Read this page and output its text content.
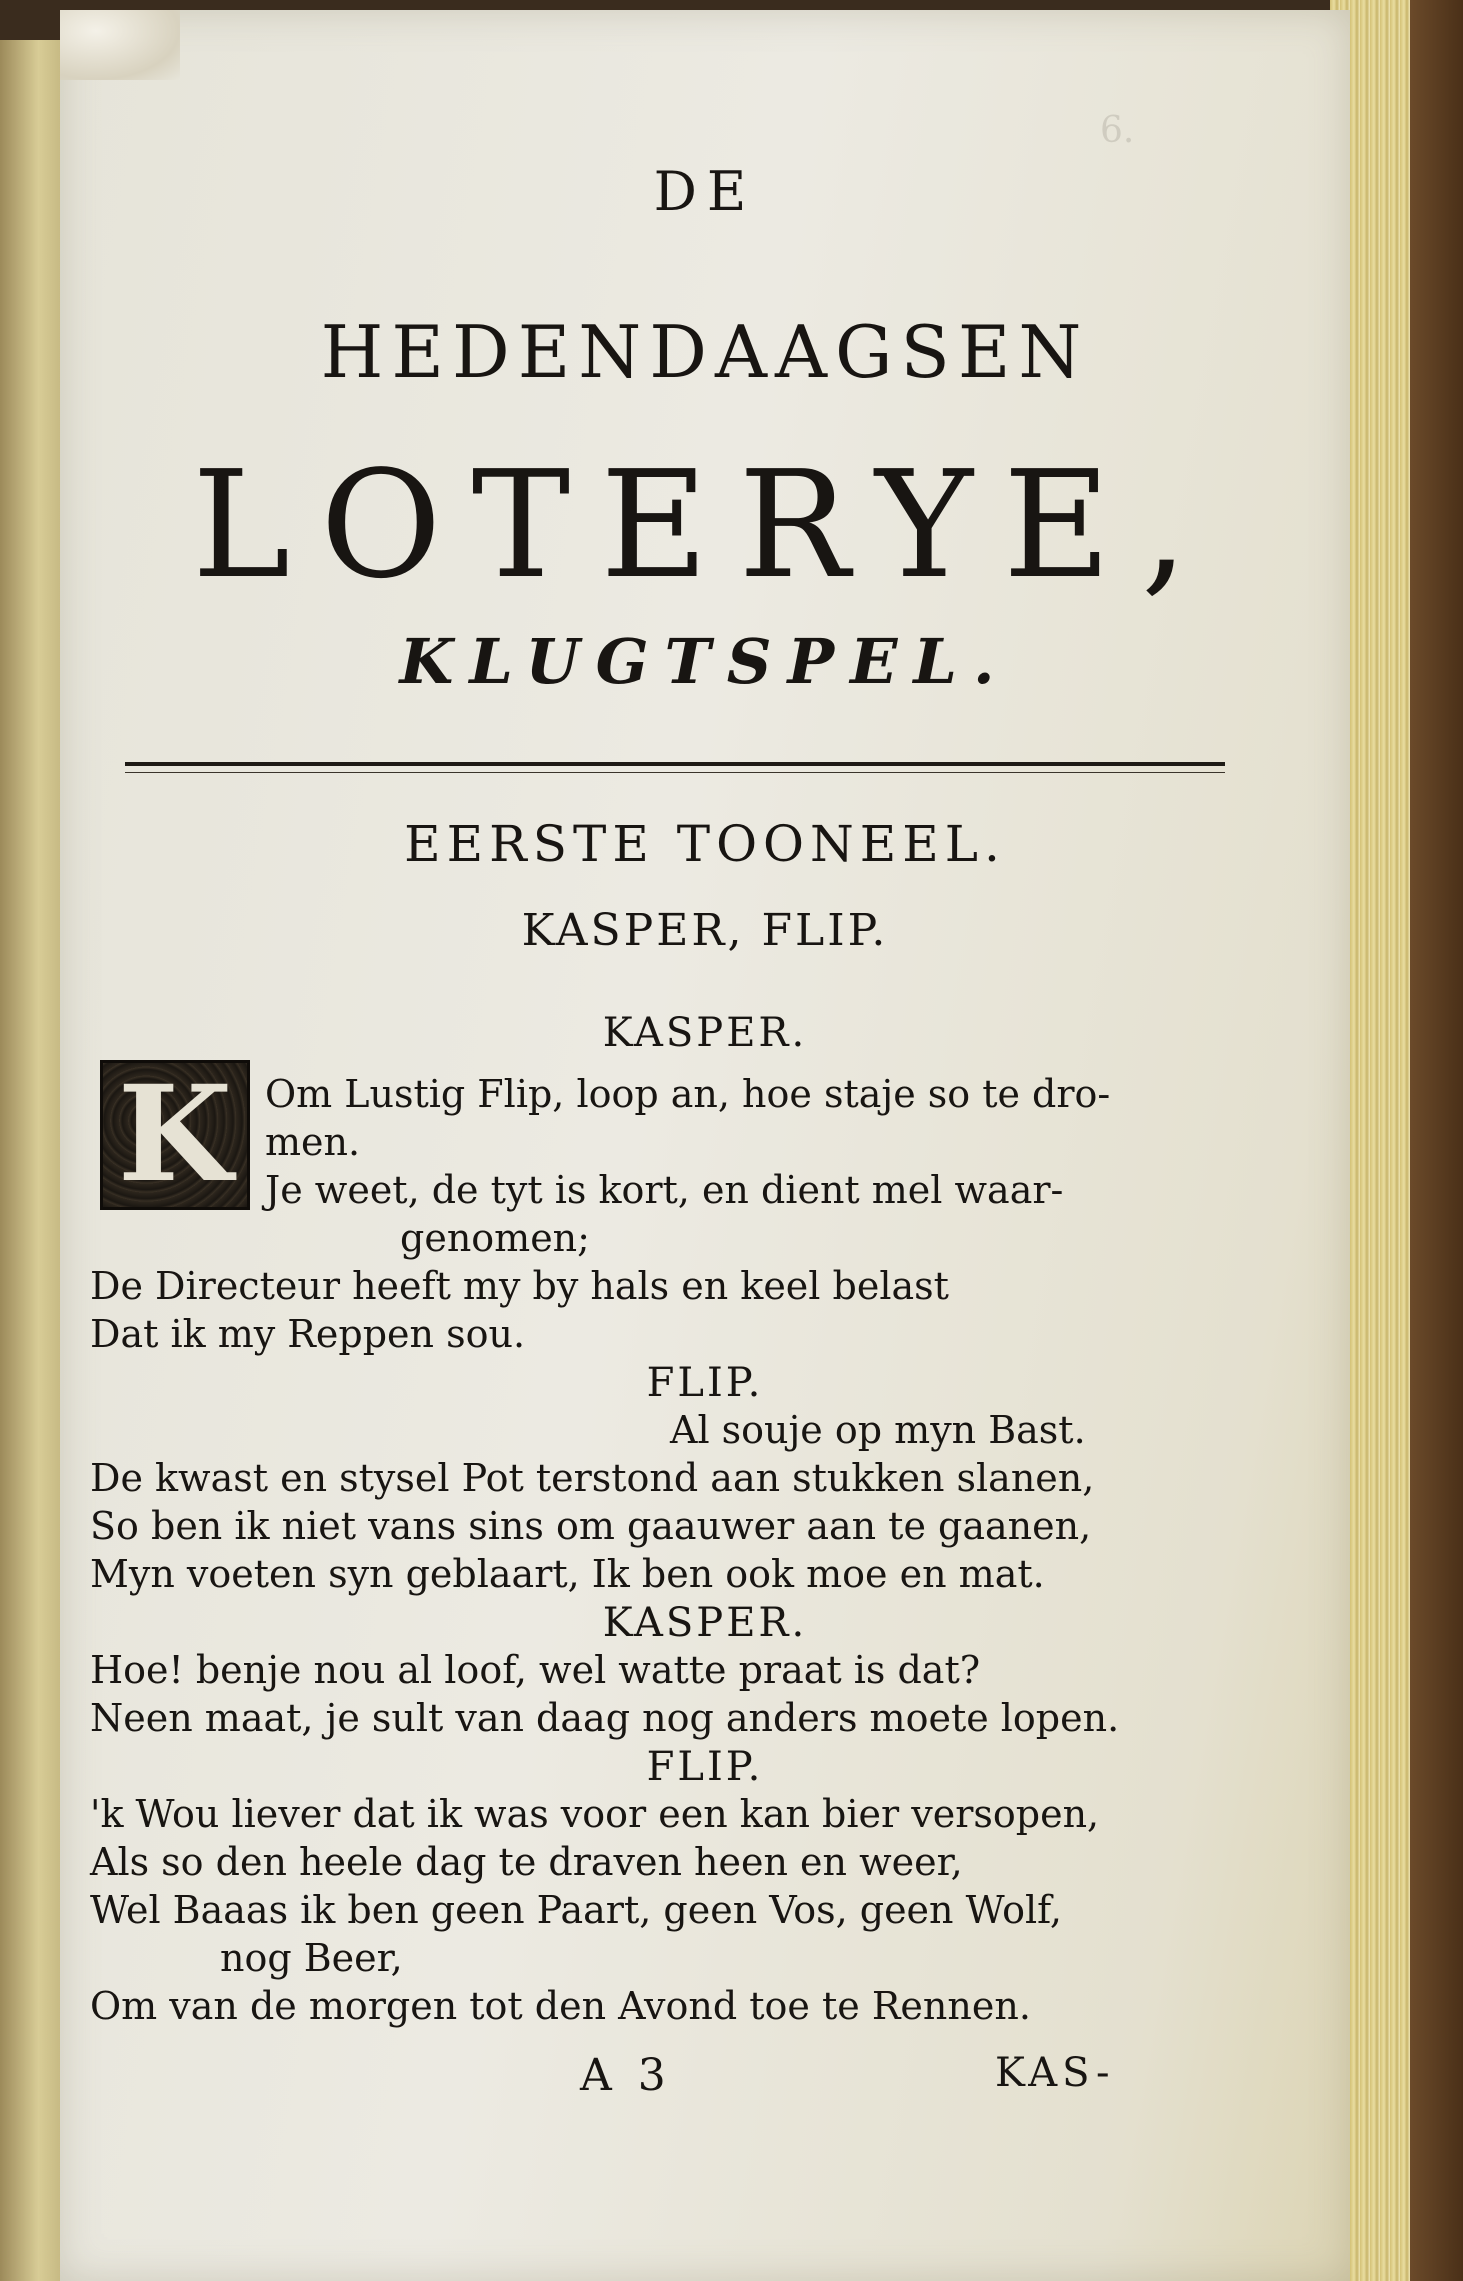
6.
DE
HEDENDAAGSEN
LOTERYE,
KLUGTSPEL.
EERSTE TOONEEL.
KASPER, FLIP.
KASPER.
K Om Lustig Flip, loop an, hoe staje so te dro-
men.
Je weet, de tyt is kort, en dient mel waar-
genomen;
De Directeur heeft my by hals en keel belast
Dat ik my Reppen sou.
FLIP.
Al souje op myn Bast.
De kwast en stysel Pot terstond aan stukken slanen,
So ben ik niet vans sins om gaauwer aan te gaanen,
Myn voeten syn geblaart, Ik ben ook moe en mat.
KASPER.
Hoe! benje nou al loof, wel watte praat is dat?
Neen maat, je sult van daag nog anders moete lopen.
FLIP.
'k Wou liever dat ik was voor een kan bier versopen,
Als so den heele dag te draven heen en weer,
Wel Baaas ik ben geen Paart, geen Vos, geen Wolf,
nog Beer,
Om van de morgen tot den Avond toe te Rennen.
A 3	KAS-
